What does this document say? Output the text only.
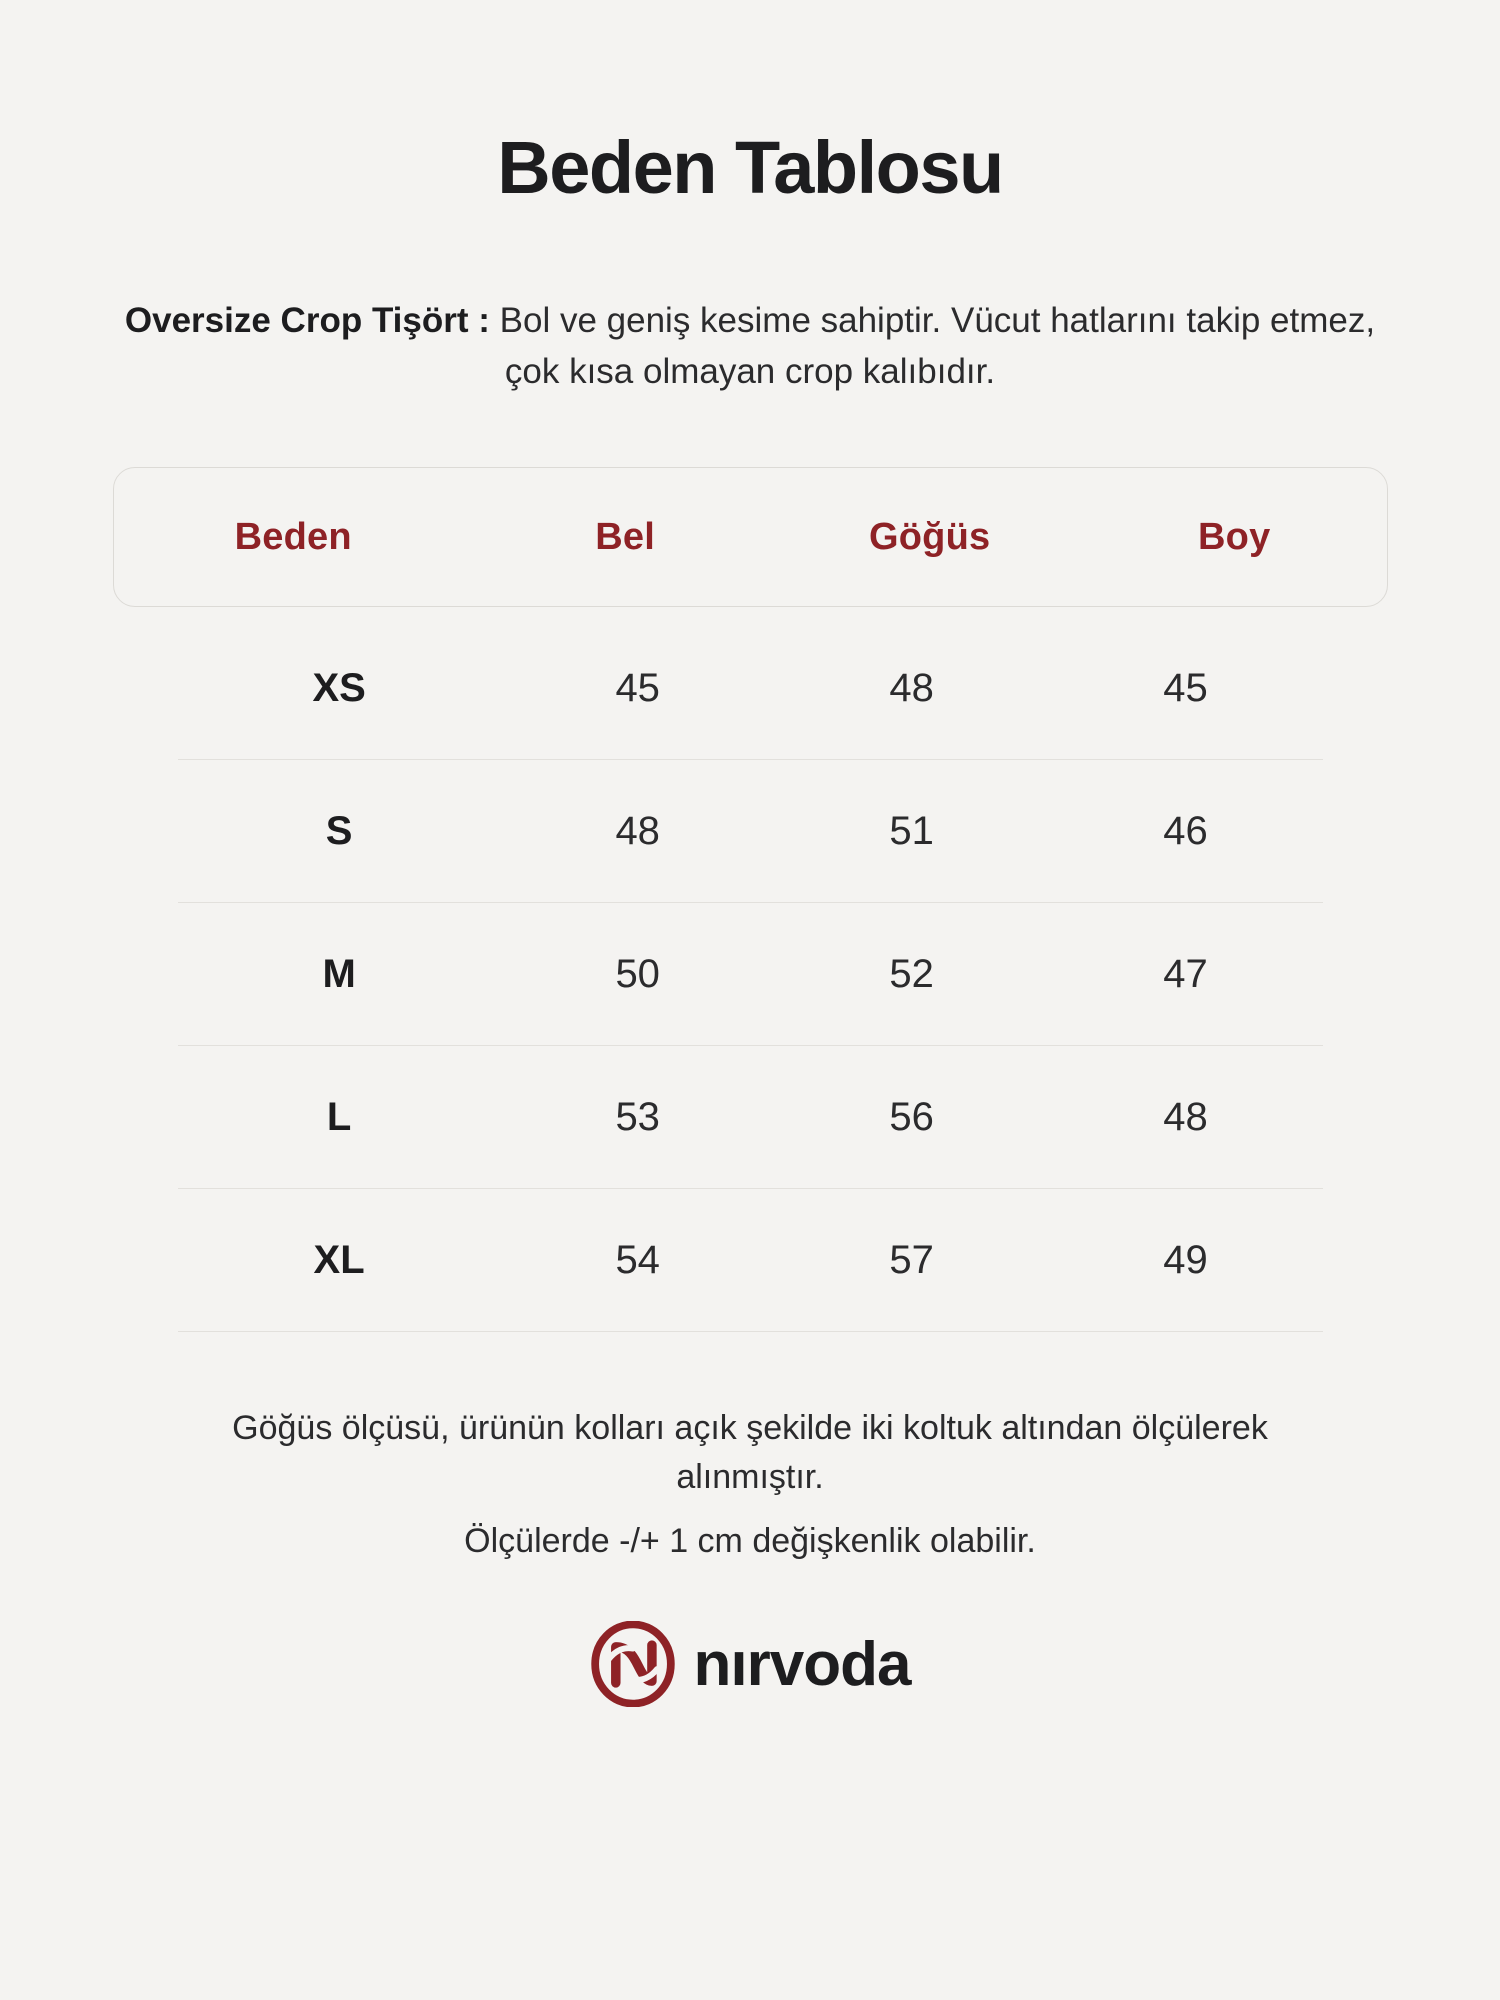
Beden Tablosu
Oversize Crop Tişört : Bol ve geniş kesime sahiptir. Vücut hatlarını takip etmez, çok kısa olmayan crop kalıbıdır.
Beden	Bel	Göğüs	Boy
XS	45	48	45
S	48	51	46
M	50	52	47
L	53	56	48
XL	54	57	49

Göğüs ölçüsü, ürünün kolları açık şekilde iki koltuk altından ölçülerek alınmıştır.

Ölçülerde -/+ 1 cm değişkenlik olabilir.

nırvoda
